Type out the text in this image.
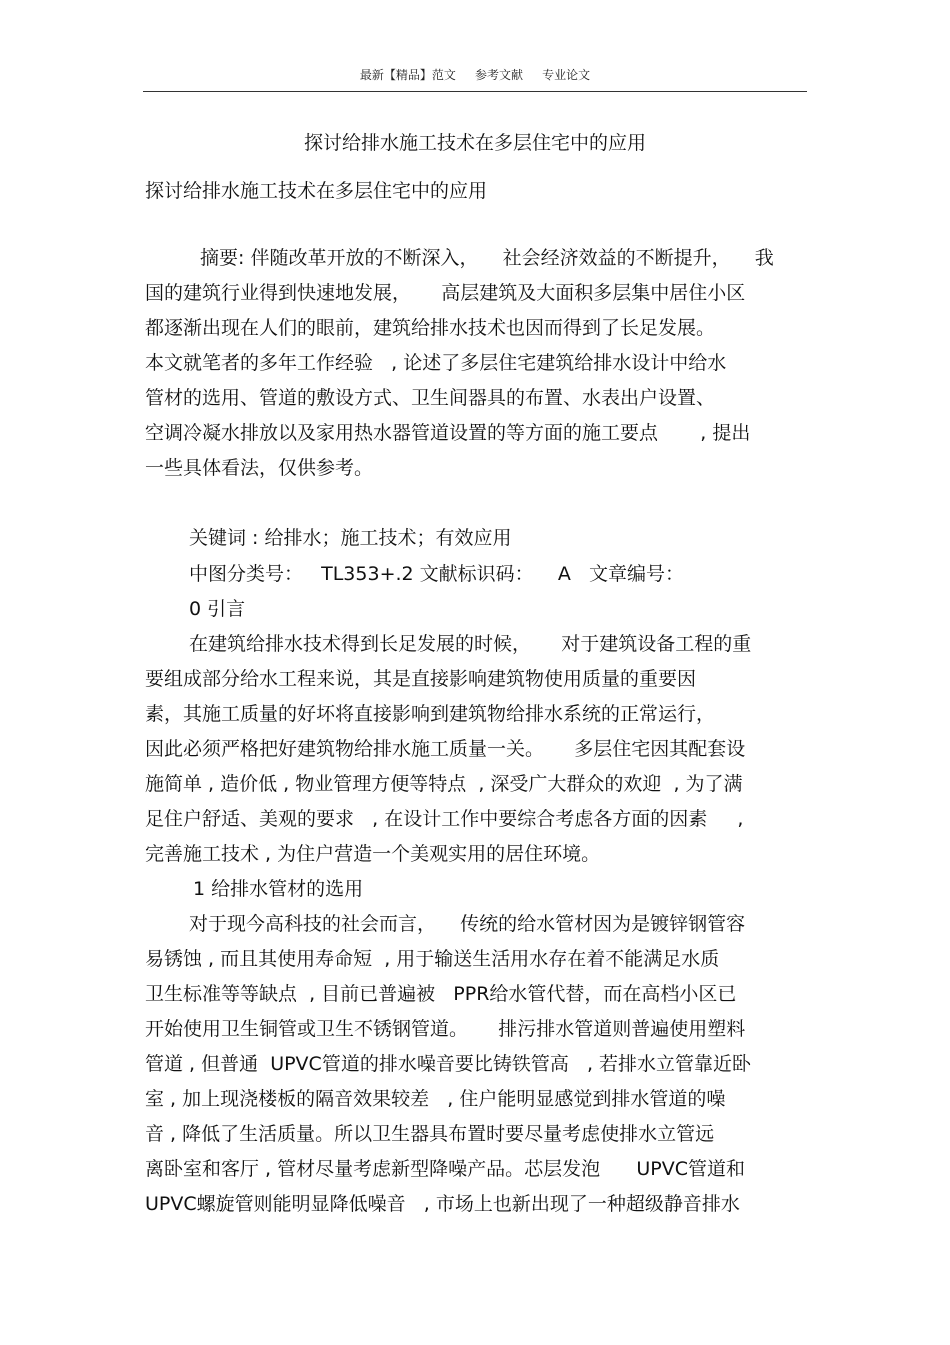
最新【精品】范文     参考文献     专业论文
探讨给排水施工技术在多层住宅中的应用
探讨给排水施工技术在多层住宅中的应用
摘要: 伴随改革开放的不断深入，    社会经济效益的不断提升，    我
国的建筑行业得到快速地发展，     高层建筑及大面积多层集中居住小区
都逐渐出现在人们的眼前，建筑给排水技术也因而得到了长足发展。
本文就笔者的多年工作经验   , 论述了多层住宅建筑给排水设计中给水
管材的选用、管道的敷设方式、卫生间器具的布置、水表出户设置、
空调冷凝水排放以及家用热水器管道设置的等方面的施工要点       , 提出
一些具体看法，仅供参考。
关键词 : 给排水；施工技术；有效应用
中图分类号：   TL353+.2 文献标识码：    A   文章编号：
0 引言
在建筑给排水技术得到长足发展的时候，     对于建筑设备工程的重
要组成部分给水工程来说，其是直接影响建筑物使用质量的重要因
素，其施工质量的好坏将直接影响到建筑物给排水系统的正常运行，
因此必须严格把好建筑物给排水施工质量一关。     多层住宅因其配套设
施简单 , 造价低 , 物业管理方便等特点  , 深受广大群众的欢迎  , 为了满
足住户舒适、美观的要求   , 在设计工作中要综合考虑各方面的因素     ,
完善施工技术 , 为住户营造一个美观实用的居住环境。
1 给排水管材的选用
对于现今高科技的社会而言，    传统的给水管材因为是镀锌钢管容
易锈蚀 , 而且其使用寿命短  , 用于输送生活用水存在着不能满足水质
卫生标准等等缺点  , 目前已普遍被   PPR给水管代替，而在高档小区已
开始使用卫生铜管或卫生不锈钢管道。     排污排水管道则普遍使用塑料
管道 , 但普通  UPVC管道的排水噪音要比铸铁管高   , 若排水立管靠近卧
室 , 加上现浇楼板的隔音效果较差   , 住户能明显感觉到排水管道的噪
音 , 降低了生活质量。所以卫生器具布置时要尽量考虑使排水立管远
离卧室和客厅 , 管材尽量考虑新型降噪产品。芯层发泡      UPVC管道和
UPVC螺旋管则能明显降低噪音   , 市场上也新出现了一种超级静音排水
